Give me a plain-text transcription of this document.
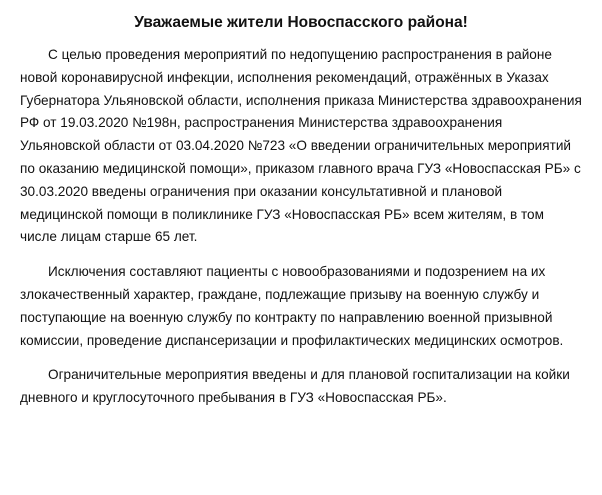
Уважаемые жители Новоспасского района!

С целью проведения мероприятий по недопущению распространения в районе новой коронавирусной инфекции, исполнения рекомендаций, отражённых в Указах Губернатора Ульяновской области, исполнения приказа Министерства здравоохранения РФ от 19.03.2020 №198н, распространения Министерства здравоохранения Ульяновской области от 03.04.2020 №723 «О введении ограничительных мероприятий по оказанию медицинской помощи», приказом главного врача ГУЗ «Новоспасская РБ» с 30.03.2020 введены ограничения при оказании консультативной и плановой медицинской помощи в поликлинике ГУЗ «Новоспасская РБ» всем жителям, в том числе лицам старше 65 лет.

Исключения составляют пациенты с новообразованиями и подозрением на их злокачественный характер, граждане, подлежащие призыву на военную службу и поступающие на военную службу по контракту по направлению военной призывной комиссии, проведение диспансеризации и профилактических медицинских осмотров.

Ограничительные мероприятия введены и для плановой госпитализации на койки дневного и круглосуточного пребывания в ГУЗ «Новоспасская РБ».
